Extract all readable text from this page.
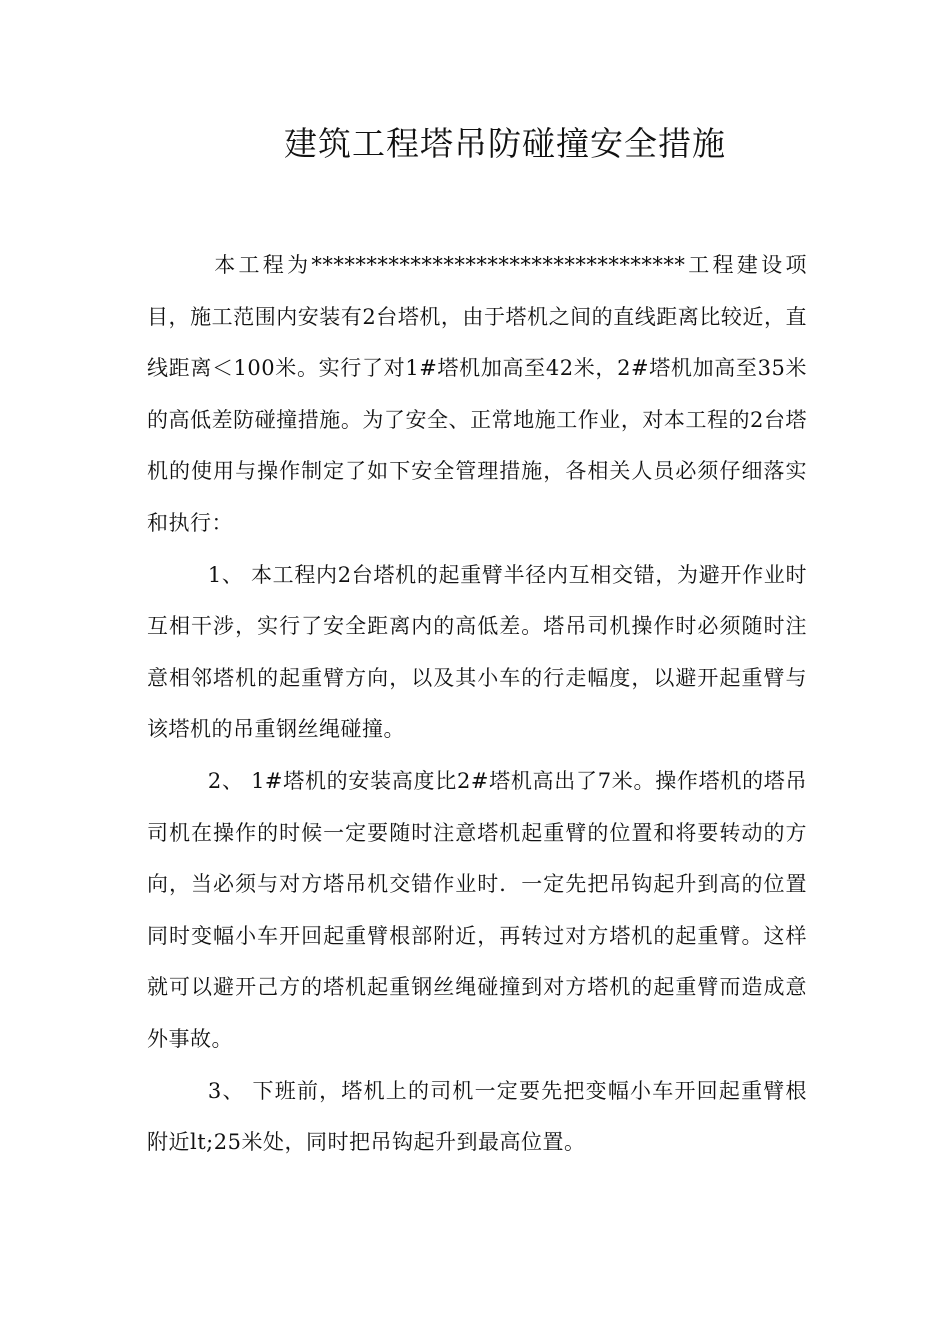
建筑工程塔吊防碰撞安全措施

本工程为**********************************工程建设项目，施工范围内安装有2台塔机，由于塔机之间的直线距离比较近，直线距离＜100米。实行了对1#塔机加高至42米，2#塔机加高至35米的高低差防碰撞措施。为了安全、正常地施工作业，对本工程的2台塔机的使用与操作制定了如下安全管理措施，各相关人员必须仔细落实和执行：

1、 本工程内2台塔机的起重臂半径内互相交错，为避开作业时互相干涉，实行了安全距离内的高低差。塔吊司机操作时必须随时注意相邻塔机的起重臂方向，以及其小车的行走幅度，以避开起重臂与该塔机的吊重钢丝绳碰撞。

2、 1#塔机的安装高度比2#塔机高出了7米。操作塔机的塔吊司机在操作的时候一定要随时注意塔机起重臂的位置和将要转动的方向，当必须与对方塔吊机交错作业时．一定先把吊钩起升到高的位置同时变幅小车开回起重臂根部附近，再转过对方塔机的起重臂。这样就可以避开己方的塔机起重钢丝绳碰撞到对方塔机的起重臂而造成意外事故。

3、 下班前，塔机上的司机一定要先把变幅小车开回起重臂根附近lt;25米处，同时把吊钩起升到最高位置。
